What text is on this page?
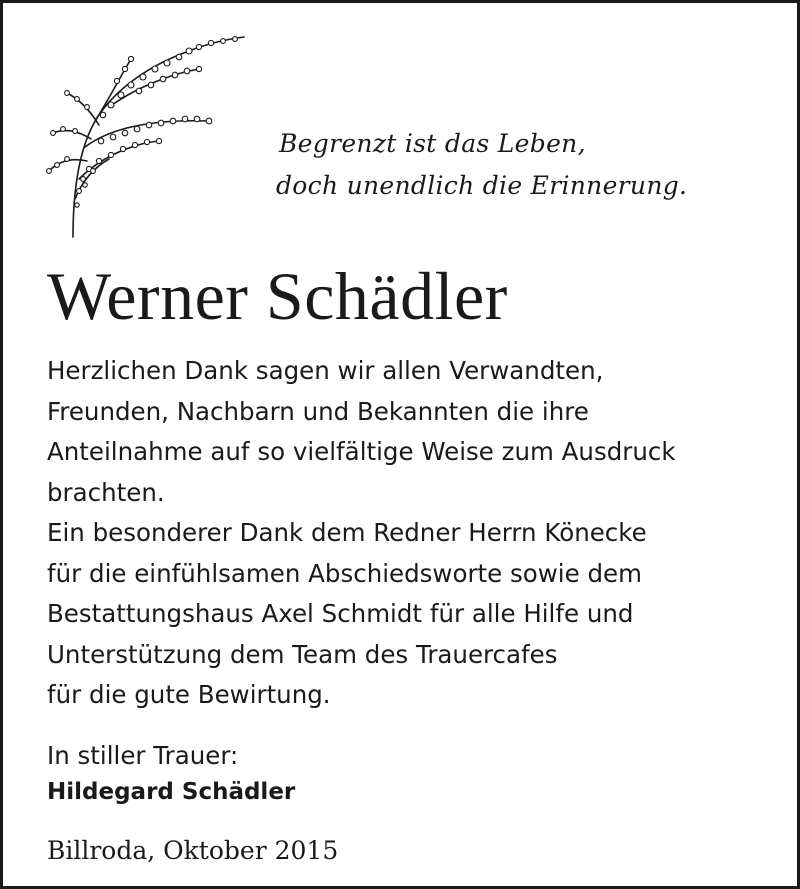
Begrenzt ist das Leben,
doch unendlich die Erinnerung.
Werner Schädler
Herzlichen Dank sagen wir allen Verwandten,
Freunden, Nachbarn und Bekannten die ihre
Anteilnahme auf so vielfältige Weise zum Ausdruck
brachten.
Ein besonderer Dank dem Redner Herrn Könecke
für die einfühlsamen Abschiedsworte sowie dem
Bestattungshaus Axel Schmidt für alle Hilfe und
Unterstützung dem Team des Trauercafes
für die gute Bewirtung.
In stiller Trauer:
Hildegard Schädler
Billroda, Oktober 2015
